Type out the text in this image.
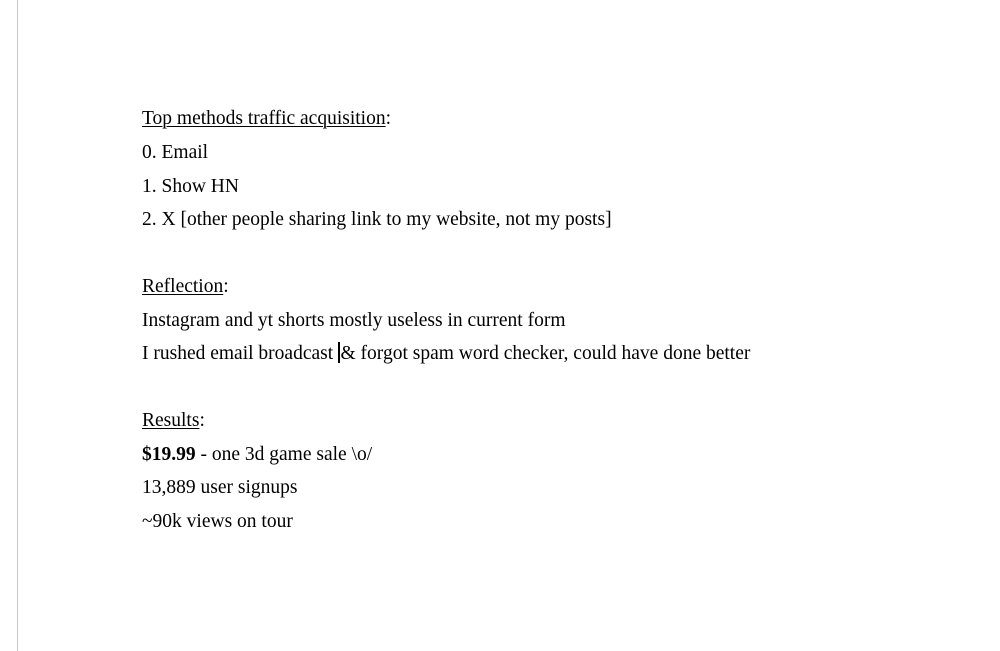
Top methods traffic acquisition:
0. Email
1. Show HN
2. X [other people sharing link to my website, not my posts]
Reflection:
Instagram and yt shorts mostly useless in current form
I rushed email broadcast & forgot spam word checker, could have done better
Results:
$19.99 - one 3d game sale \o/
13,889 user signups
~90k views on tour
